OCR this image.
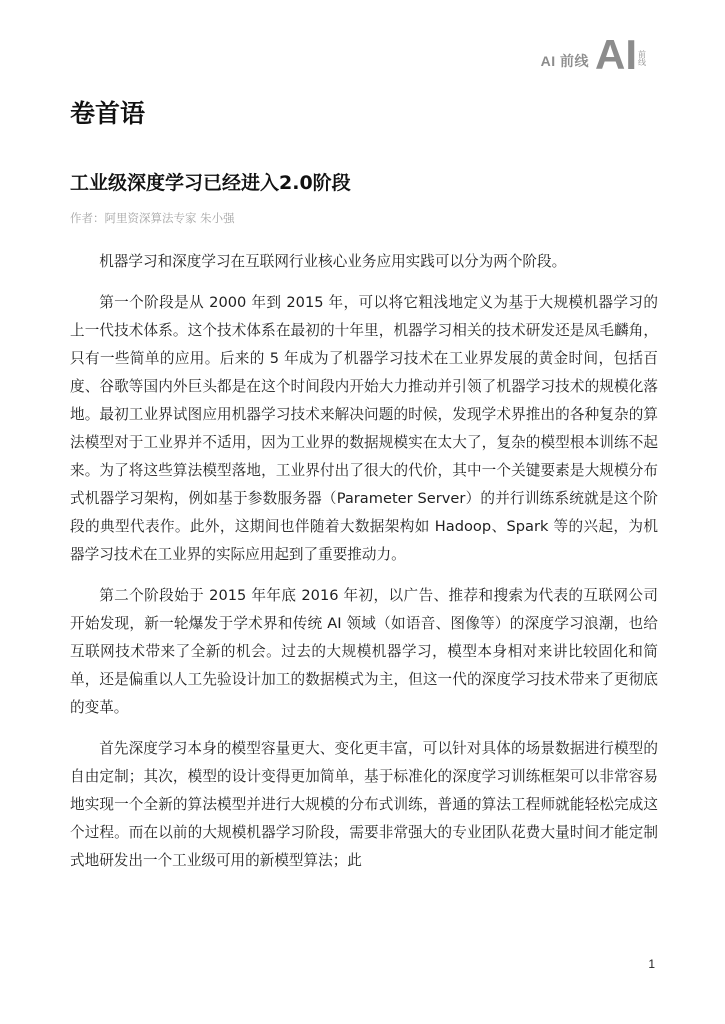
AI 前线 AI 前线
卷首语
工业级深度学习已经进入2.0阶段
作者：阿里资深算法专家 朱小强

机器学习和深度学习在互联网行业核心业务应用实践可以分为两个阶段。

第一个阶段是从 2000 年到 2015 年，可以将它粗浅地定义为基于大规模机器学习的上一代技术体系。这个技术体系在最初的十年里，机器学习相关的技术研发还是凤毛麟角，只有一些简单的应用。后来的 5 年成为了机器学习技术在工业界发展的黄金时间，包括百度、谷歌等国内外巨头都是在这个时间段内开始大力推动并引领了机器学习技术的规模化落地。最初工业界试图应用机器学习技术来解决问题的时候，发现学术界推出的各种复杂的算法模型对于工业界并不适用，因为工业界的数据规模实在太大了，复杂的模型根本训练不起来。为了将这些算法模型落地，工业界付出了很大的代价，其中一个关键要素是大规模分布式机器学习架构，例如基于参数服务器（Parameter Server）的并行训练系统就是这个阶段的典型代表作。此外，这期间也伴随着大数据架构如 Hadoop、Spark 等的兴起，为机器学习技术在工业界的实际应用起到了重要推动力。

第二个阶段始于 2015 年年底 2016 年初，以广告、推荐和搜索为代表的互联网公司开始发现，新一轮爆发于学术界和传统 AI 领域（如语音、图像等）的深度学习浪潮，也给互联网技术带来了全新的机会。过去的大规模机器学习，模型本身相对来讲比较固化和简单，还是偏重以人工先验设计加工的数据模式为主，但这一代的深度学习技术带来了更彻底的变革。

首先深度学习本身的模型容量更大、变化更丰富，可以针对具体的场景数据进行模型的自由定制；其次，模型的设计变得更加简单，基于标准化的深度学习训练框架可以非常容易地实现一个全新的算法模型并进行大规模的分布式训练，普通的算法工程师就能轻松完成这个过程。而在以前的大规模机器学习阶段，需要非常强大的专业团队花费大量时间才能定制式地研发出一个工业级可用的新模型算法；此

1
